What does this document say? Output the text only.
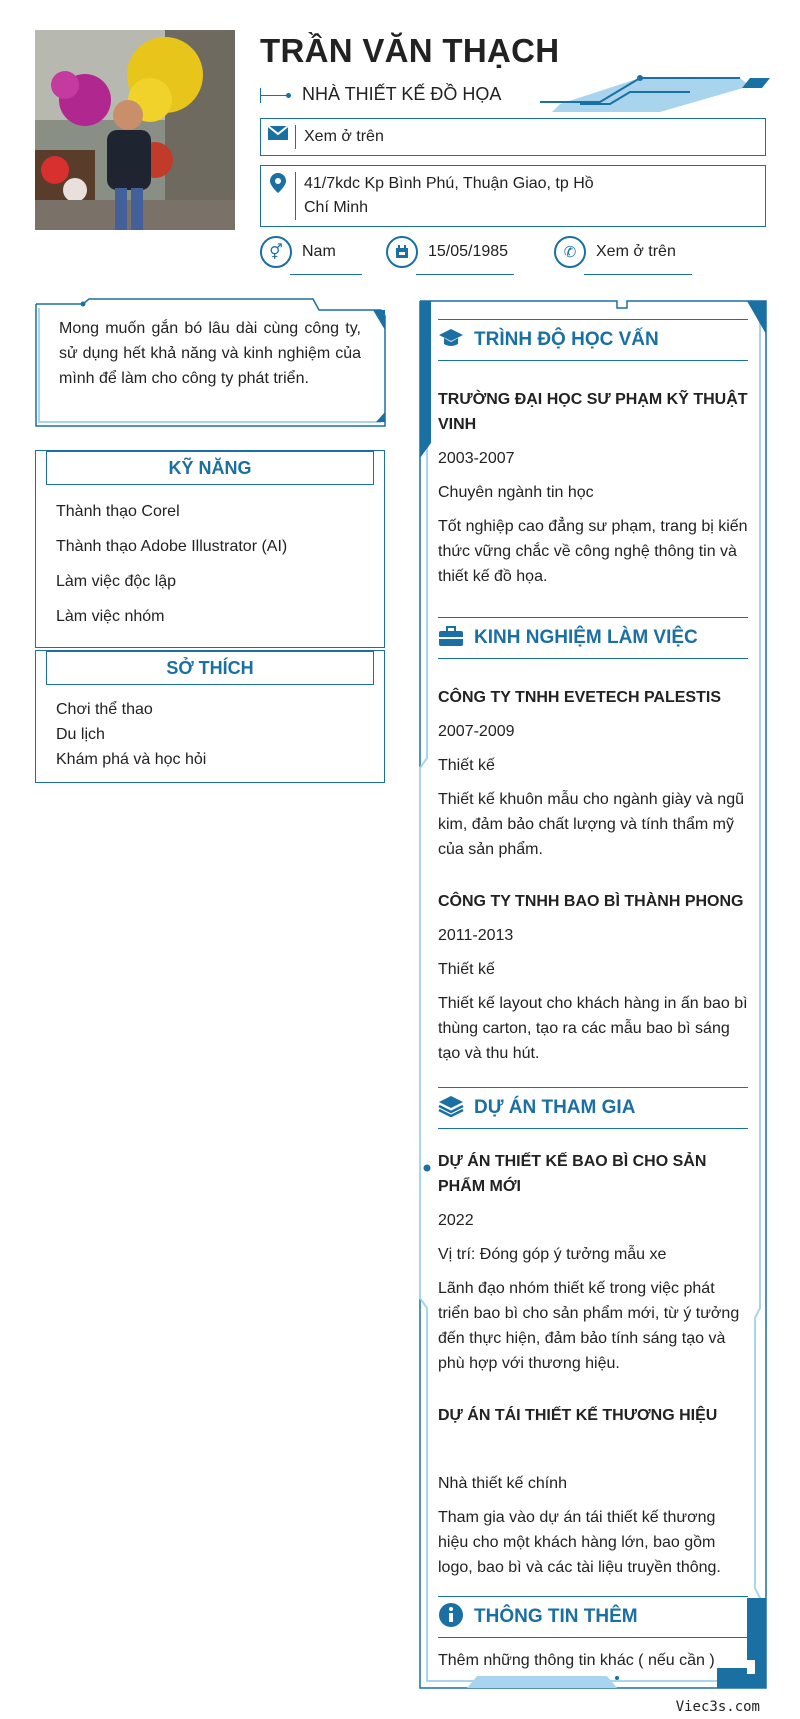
TRẦN VĂN THẠCH
NHÀ THIẾT KẾ ĐỒ HỌA
Xem ở trên
41/7kdc Kp Bình Phú, Thuận Giao, tp Hồ Chí Minh
⚥ Nam	15/05/1985	✆ Xem ở trên
Mong muốn gắn bó lâu dài cùng công ty, sử dụng hết khả năng và kinh nghiệm của mình để làm cho công ty phát triển.
KỸ NĂNG
Thành thạo Corel
Thành thạo Adobe Illustrator (AI)
Làm việc độc lập
Làm việc nhóm
SỞ THÍCH
Chơi thể thao
Du lịch
Khám phá và học hỏi
TRÌNH ĐỘ HỌC VẤN
TRƯỜNG ĐẠI HỌC SƯ PHẠM KỸ THUẬT VINH
2003-2007
Chuyên ngành tin học
Tốt nghiệp cao đẳng sư phạm, trang bị kiến thức vững chắc về công nghệ thông tin và thiết kế đồ họa.
KINH NGHIỆM LÀM VIỆC
CÔNG TY TNHH EVETECH PALESTIS
2007-2009
Thiết kế
Thiết kế khuôn mẫu cho ngành giày và ngũ kim, đảm bảo chất lượng và tính thẩm mỹ của sản phẩm.
CÔNG TY TNHH BAO BÌ THÀNH PHONG
2011-2013
Thiết kế
Thiết kế layout cho khách hàng in ấn bao bì thùng carton, tạo ra các mẫu bao bì sáng tạo và thu hút.
DỰ ÁN THAM GIA
DỰ ÁN THIẾT KẾ BAO BÌ CHO SẢN PHẨM MỚI
2022
Vị trí: Đóng góp ý tưởng mẫu xe
Lãnh đạo nhóm thiết kế trong việc phát triển bao bì cho sản phẩm mới, từ ý tưởng đến thực hiện, đảm bảo tính sáng tạo và phù hợp với thương hiệu.
DỰ ÁN TÁI THIẾT KẾ THƯƠNG HIỆU
Nhà thiết kế chính
Tham gia vào dự án tái thiết kế thương hiệu cho một khách hàng lớn, bao gồm logo, bao bì và các tài liệu truyền thông.
THÔNG TIN THÊM
Thêm những thông tin khác ( nếu cần )
Viec3s.com
